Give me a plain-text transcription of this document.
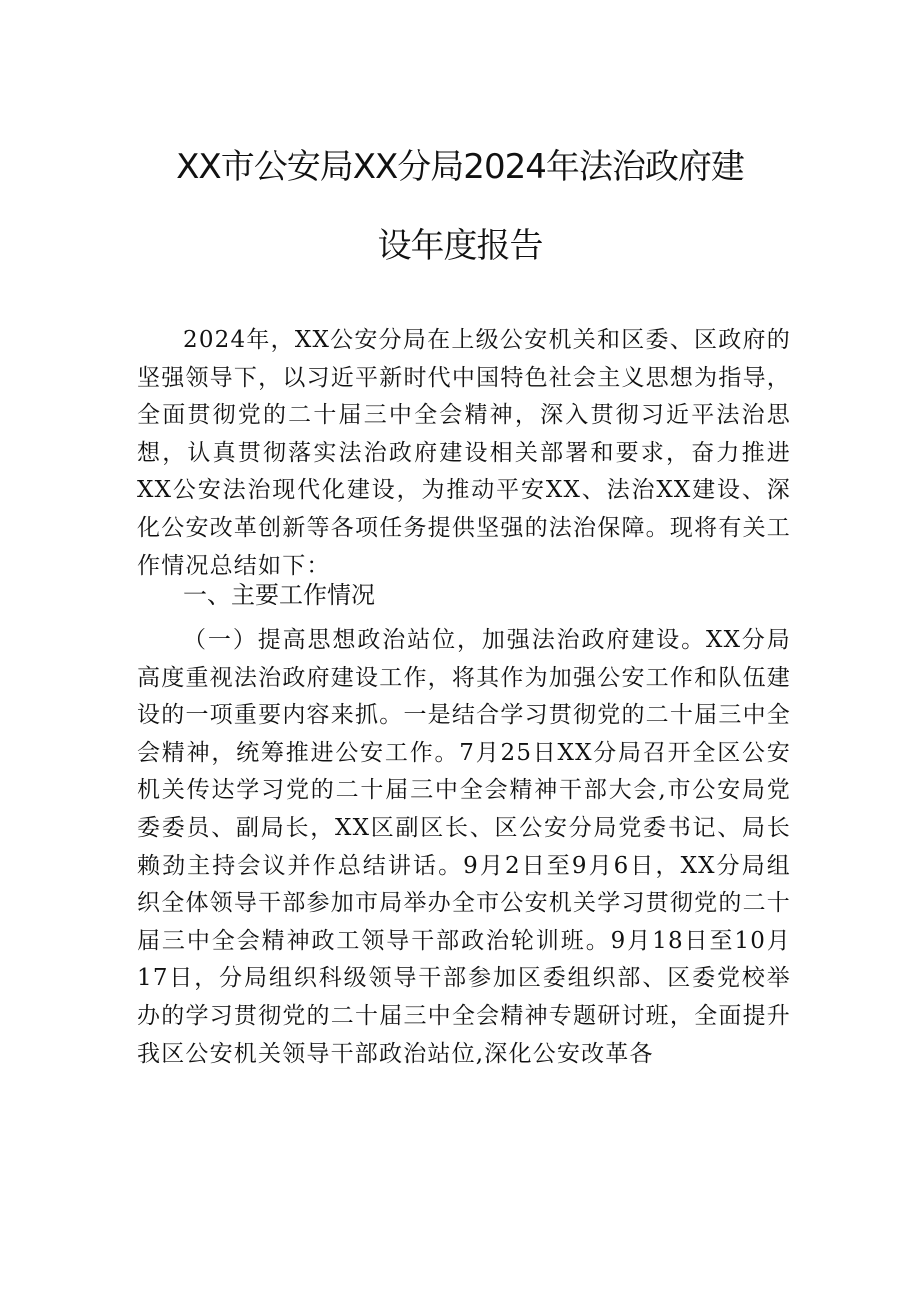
XX市公安局XX分局2024年法治政府建
设年度报告

2024年，XX公安分局在上级公安机关和区委、区政府的坚强领导下，以习近平新时代中国特色社会主义思想为指导，全面贯彻党的二十届三中全会精神，深入贯彻习近平法治思想，认真贯彻落实法治政府建设相关部署和要求，奋力推进XX公安法治现代化建设，为推动平安XX、法治XX建设、深化公安改革创新等各项任务提供坚强的法治保障。现将有关工作情况总结如下：

一、主要工作情况

（一）提高思想政治站位，加强法治政府建设。XX分局高度重视法治政府建设工作，将其作为加强公安工作和队伍建设的一项重要内容来抓。一是结合学习贯彻党的二十届三中全会精神，统筹推进公安工作。7月25日XX分局召开全区公安机关传达学习党的二十届三中全会精神干部大会,市公安局党委委员、副局长，XX区副区长、区公安分局党委书记、局长赖劲主持会议并作总结讲话。9月2日至9月6日，XX分局组织全体领导干部参加市局举办全市公安机关学习贯彻党的二十届三中全会精神政工领导干部政治轮训班。9月18日至10月17日，分局组织科级领导干部参加区委组织部、区委党校举办的学习贯彻党的二十届三中全会精神专题研讨班，全面提升我区公安机关领导干部政治站位,深化公安改革各
